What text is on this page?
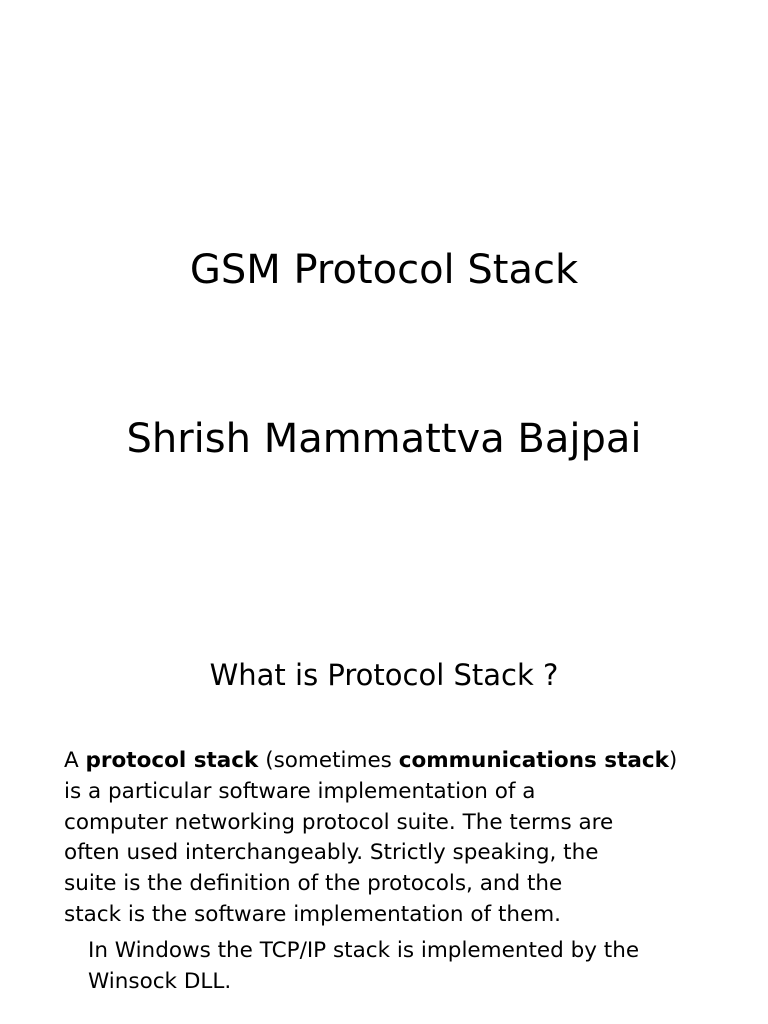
GSM Protocol Stack
Shrish Mammattva Bajpai
What is Protocol Stack ?

A protocol stack (sometimes communications stack)
is a particular software implementation of a
computer networking protocol suite. The terms are
often used interchangeably. Strictly speaking, the
suite is the definition of the protocols, and the
stack is the software implementation of them.

In Windows the TCP/IP stack is implemented by the
Winsock DLL.
